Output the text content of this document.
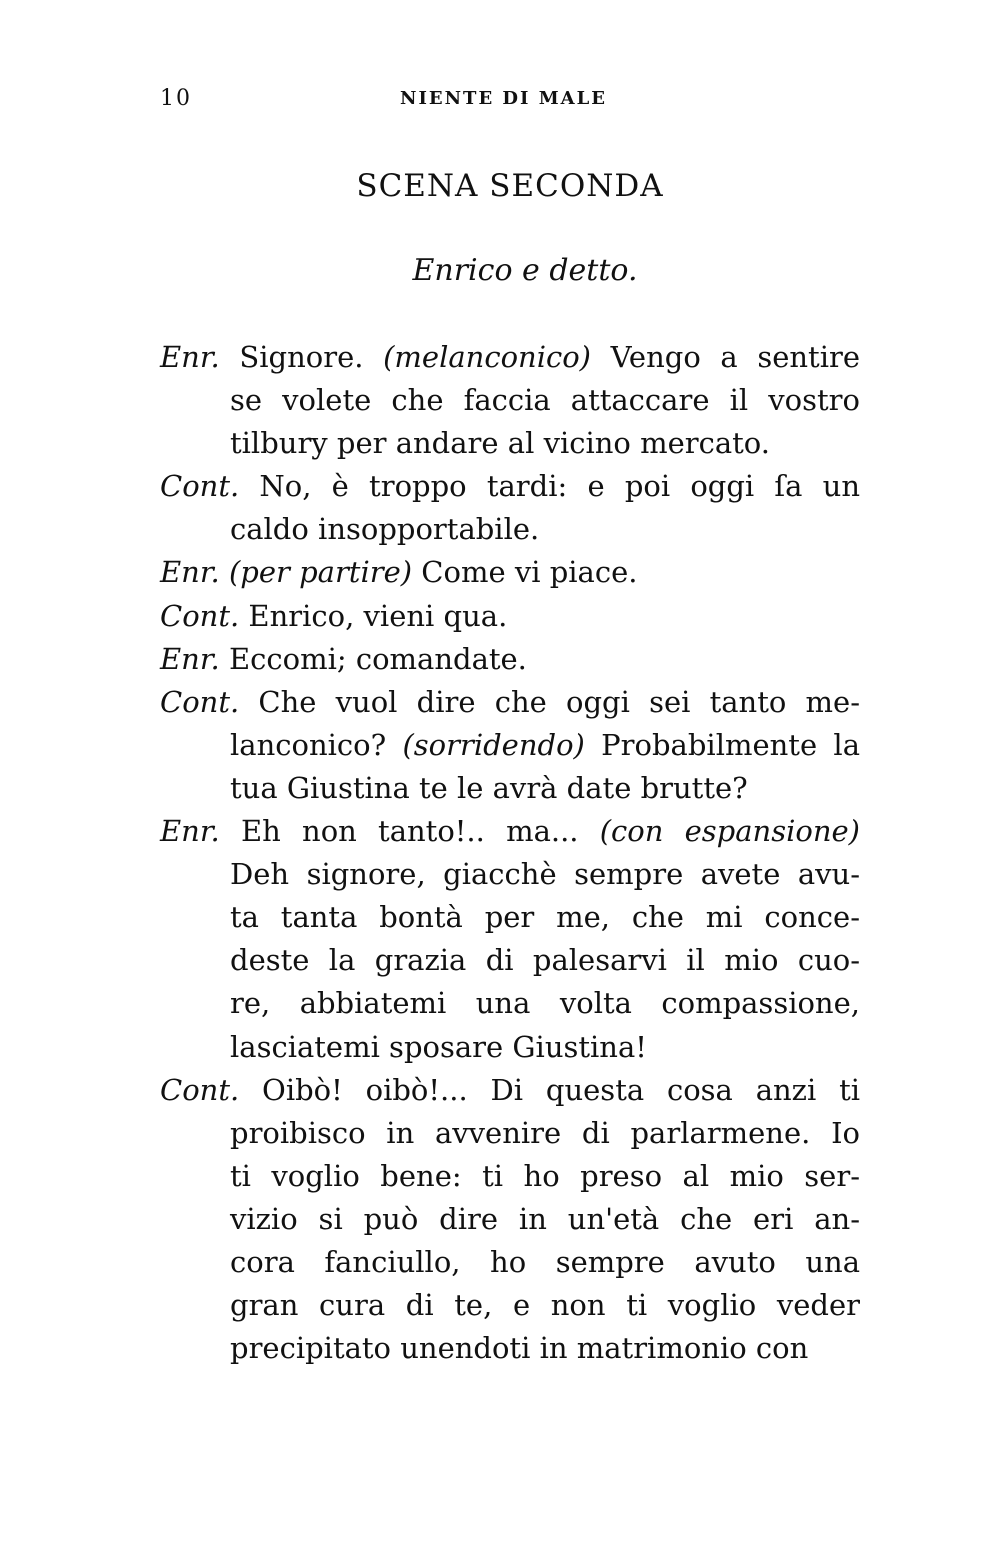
10	NIENTE DI MALE
SCENA SECONDA
Enrico e detto.

Enr. Signore. (melanconico) Vengo a sentire
se volete che faccia attaccare il vostro
tilbury per andare al vicino mercato.

Cont. No, è troppo tardi: e poi oggi ſa un
caldo insopportabile.

Enr. (per partire) Come vi piace.

Cont. Enrico, vieni qua.

Enr. Eccomi; comandate.

Cont. Che vuol dire che oggi sei tanto me-
lanconico? (sorridendo) Probabilmente la
tua Giustina te le avrà date brutte?

Enr. Eh non tanto!.. ma... (con espansione)
Deh signore, giacchè sempre avete avu-
ta tanta bontà per me, che mi conce-
deste la grazia di palesarvi il mio cuo-
re, abbiatemi una volta compassione,
lasciatemi sposare Giustina!

Cont. Oibò! oibò!... Di questa cosa anzi ti
proibisco in avvenire di parlarmene. Io
ti voglio bene: ti ho preso al mio ser-
vizio si può dire in un'età che eri an-
cora fanciullo, ho sempre avuto una
gran cura di te, e non ti voglio veder
precipitato unendoti in matrimonio con
